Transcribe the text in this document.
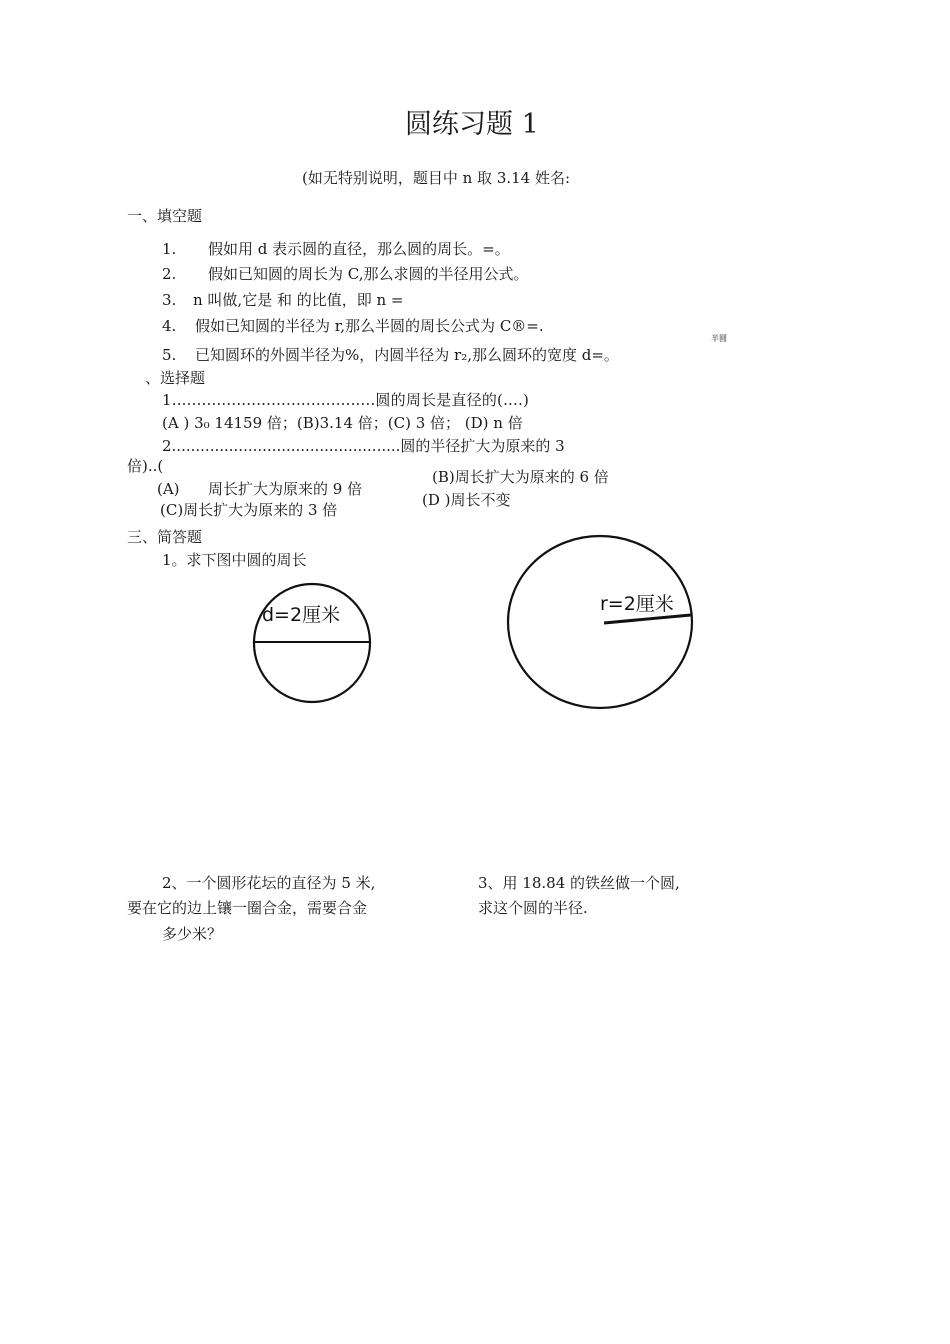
圆练习题 1
(如无特别说明，题目中 n 取 3.14 姓名:
一、填空题
1. 假如用 d 表示圆的直径，那么圆的周长。=。
2. 假如已知圆的周长为 C,那么求圆的半径用公式。
3. n 叫做,它是 和 的比值，即 n =
4. 假如已知圆的半径为 r,那么半圆的周长公式为 C®=.
5. 已知圆环的外圆半径为%，内圆半径为 r₂,那么圆环的宽度 d=。
半圆
、选择题
1.........................................圆的周长是直径的(....)
(A ) 3₀ 14159 倍；(B)3.14 倍；(C) 3 倍； (D) n 倍
2................................................圆的半径扩大为原来的 3
倍)..(
(A) 周长扩大为原来的 9 倍
(B)周长扩大为原来的 6 倍
(C)周长扩大为原来的 3 倍
(D )周长不变
三、简答题
1。求下图中圆的周长
d=2厘米	r=2厘米
2、一个圆形花坛的直径为 5 米,
要在它的边上镶一圈合金，需要合金
多少米？
3、用 18.84 的铁丝做一个圆,
求这个圆的半径.
